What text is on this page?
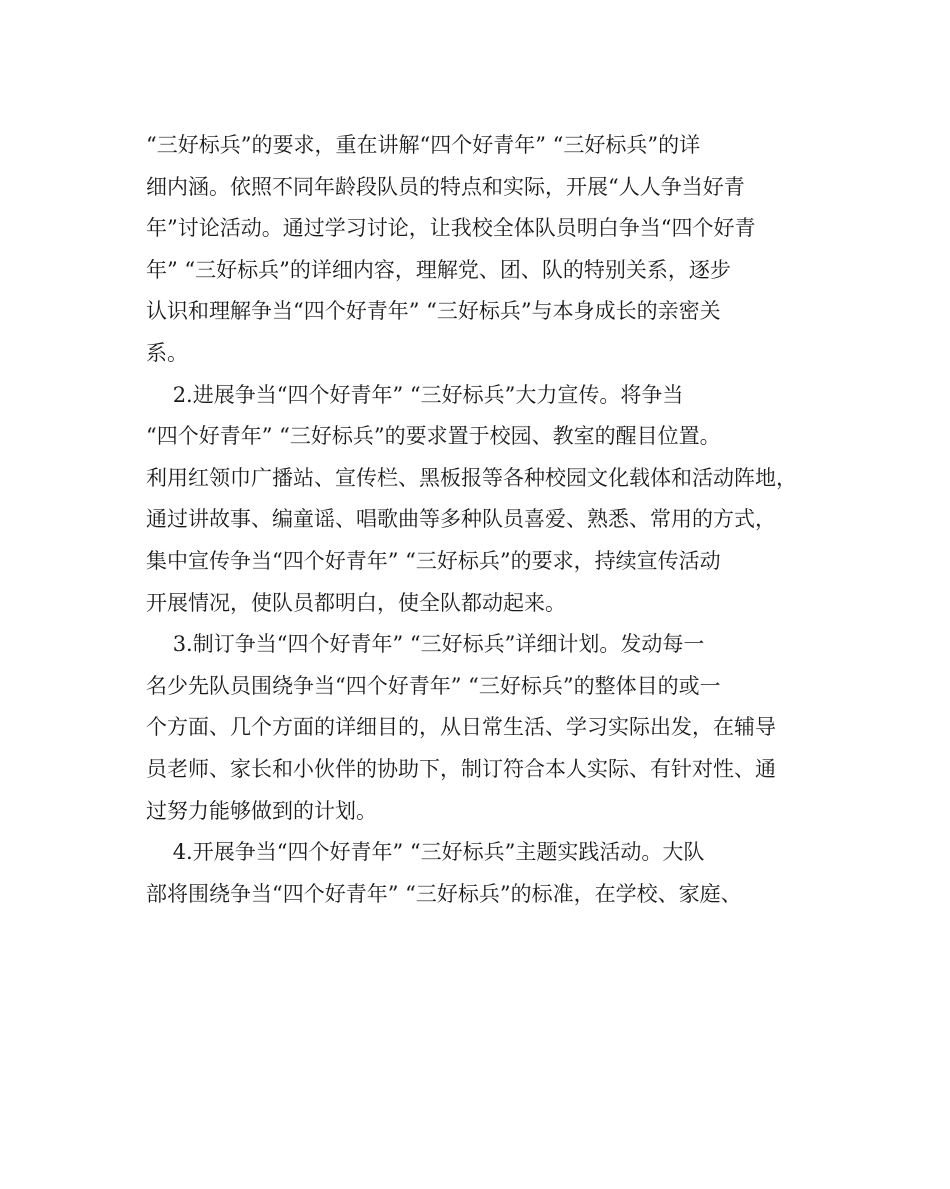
“三好标兵”的要求，重在讲解“四个好青年” “三好标兵”的详
细内涵。依照不同年龄段队员的特点和实际，开展“人人争当好青
年”讨论活动。通过学习讨论，让我校全体队员明白争当“四个好青
年” “三好标兵”的详细内容，理解党、团、队的特别关系，逐步
认识和理解争当“四个好青年” “三好标兵”与本身成长的亲密关
系。

2.进展争当“四个好青年” “三好标兵”大力宣传。将争当
“四个好青年” “三好标兵”的要求置于校园、教室的醒目位置。
利用红领巾广播站、宣传栏、黑板报等各种校园文化载体和活动阵地，
通过讲故事、编童谣、唱歌曲等多种队员喜爱、熟悉、常用的方式，
集中宣传争当“四个好青年” “三好标兵”的要求，持续宣传活动
开展情况，使队员都明白，使全队都动起来。

3.制订争当“四个好青年” “三好标兵”详细计划。发动每一
名少先队员围绕争当“四个好青年” “三好标兵”的整体目的或一
个方面、几个方面的详细目的，从日常生活、学习实际出发，在辅导
员老师、家长和小伙伴的协助下，制订符合本人实际、有针对性、通
过努力能够做到的计划。

4.开展争当“四个好青年” “三好标兵”主题实践活动。大队
部将围绕争当“四个好青年” “三好标兵”的标准，在学校、家庭、
